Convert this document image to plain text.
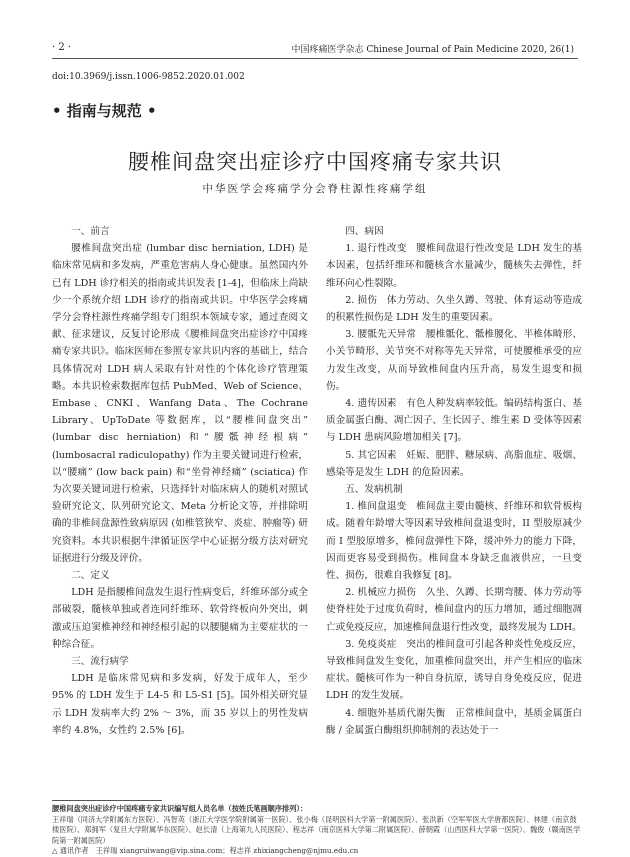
· 2 ·	中国疼痛医学杂志 Chinese Journal of Pain Medicine 2020, 26(1)
doi:10.3969/j.issn.1006-9852.2020.01.002
• 指南与规范 •
腰椎间盘突出症诊疗中国疼痛专家共识
中华医学会疼痛学分会脊柱源性疼痛学组

一、前言

腰椎间盘突出症 (lumbar disc herniation, LDH) 是临床常见病和多发病，严重危害病人身心健康。虽然国内外已有 LDH 诊疗相关的指南或共识发表 [1-4]，但临床上尚缺少一个系统介绍 LDH 诊疗的指南或共识。中华医学会疼痛学分会脊柱源性疼痛学组专门组织本领域专家，通过查阅文献、征求建议，反复讨论形成《腰椎间盘突出症诊疗中国疼痛专家共识》。临床医师在参照专家共识内容的基础上，结合具体情况对 LDH 病人采取有针对性的个体化诊疗管理策略。本共识检索数据库包括 PubMed、Web of Science、Embase、CNKI、Wanfang Data、The Cochrane Library、UpToDate 等数据库，以“腰椎间盘突出” (lumbar disc herniation) 和“腰骶神经根病” (lumbosacral radiculopathy) 作为主要关键词进行检索，以“腰痛” (low back pain) 和“坐骨神经痛” (sciatica) 作为次要关键词进行检索，只选择针对临床病人的随机对照试验研究论文、队列研究论文、Meta 分析论文等，并排除明确的非椎间盘源性致病原因 (如椎管狭窄、炎症、肿瘤等) 研究资料。本共识根据牛津循证医学中心证据分级方法对研究证据进行分级及评价。

二、定义

LDH 是指腰椎间盘发生退行性病变后，纤维环部分或全部破裂，髓核单独或者连同纤维环、软骨终板向外突出，刺激或压迫窦椎神经和神经根引起的以腰腿痛为主要症状的一种综合征。

三、流行病学

LDH 是临床常见病和多发病，好发于成年人，至少 95% 的 LDH 发生于 L4-5 和 L5-S1 [5]。国外相关研究显示 LDH 发病率大约 2% ～ 3%，而 35 岁以上的男性发病率约 4.8%，女性约 2.5% [6]。

四、病因

1. 退行性改变　腰椎间盘退行性改变是 LDH 发生的基本因素，包括纤维环和髓核含水量减少，髓核失去弹性，纤维环向心性裂隙。

2. 损伤　体力劳动、久坐久蹲、驾驶、体育运动等造成的积累性损伤是 LDH 发生的重要因素。

3. 腰骶先天异常　腰椎骶化、骶椎腰化、半椎体畸形、小关节畸形、关节突不对称等先天异常，可使腰椎承受的应力发生改变，从而导致椎间盘内压升高，易发生退变和损伤。

4. 遗传因素　有色人种发病率较低。编码结构蛋白、基质金属蛋白酶、凋亡因子、生长因子、维生素 D 受体等因素与 LDH 患病风险增加相关 [7]。

5. 其它因素　妊娠、肥胖、糖尿病、高脂血症、吸烟、感染等是发生 LDH 的危险因素。

五、发病机制

1. 椎间盘退变　椎间盘主要由髓核、纤维环和软骨板构成。随着年龄增大等因素导致椎间盘退变时，II 型胶原减少而 I 型胶原增多，椎间盘弹性下降，缓冲外力的能力下降，因而更容易受到损伤。椎间盘本身缺乏血液供应，一旦变性、损伤，很难自我修复 [8]。

2. 机械应力损伤　久坐、久蹲、长期弯腰、体力劳动等使脊柱处于过度负荷时，椎间盘内的压力增加，通过细胞凋亡或免疫反应，加速椎间盘退行性改变，最终发展为 LDH。

3. 免疫炎症　突出的椎间盘可引起各种炎性免疫反应，导致椎间盘发生变化，加重椎间盘突出，并产生相应的临床症状。髓核可作为一种自身抗原，诱导自身免疫反应，促进 LDH 的发生发展。

4. 细胞外基质代谢失衡　正常椎间盘中，基质金属蛋白酶 / 金属蛋白酶组织抑制剂的表达处于一

腰椎间盘突出症诊疗中国疼痛专家共识编写组人员名单（按姓氏笔画顺序排列）：
王祥瑞（同济大学附属东方医院）、冯智英（浙江大学医学院附属第一医院）、张小梅（昆明医科大学第一附属医院）、张洪新（空军军医大学唐都医院）、林建（南京鼓楼医院）、郑拥军（复旦大学附属华东医院）、赵长清（上海第九人民医院）、程志祥（南京医科大学第二附属医院）、薛朝霞（山西医科大学第一医院）、魏俊（赣南医学院第一附属医院）
△ 通讯作者　王祥瑞 xiangruiwang@vip.sina.com；程志祥 zhixiangcheng@njmu.edu.cn
